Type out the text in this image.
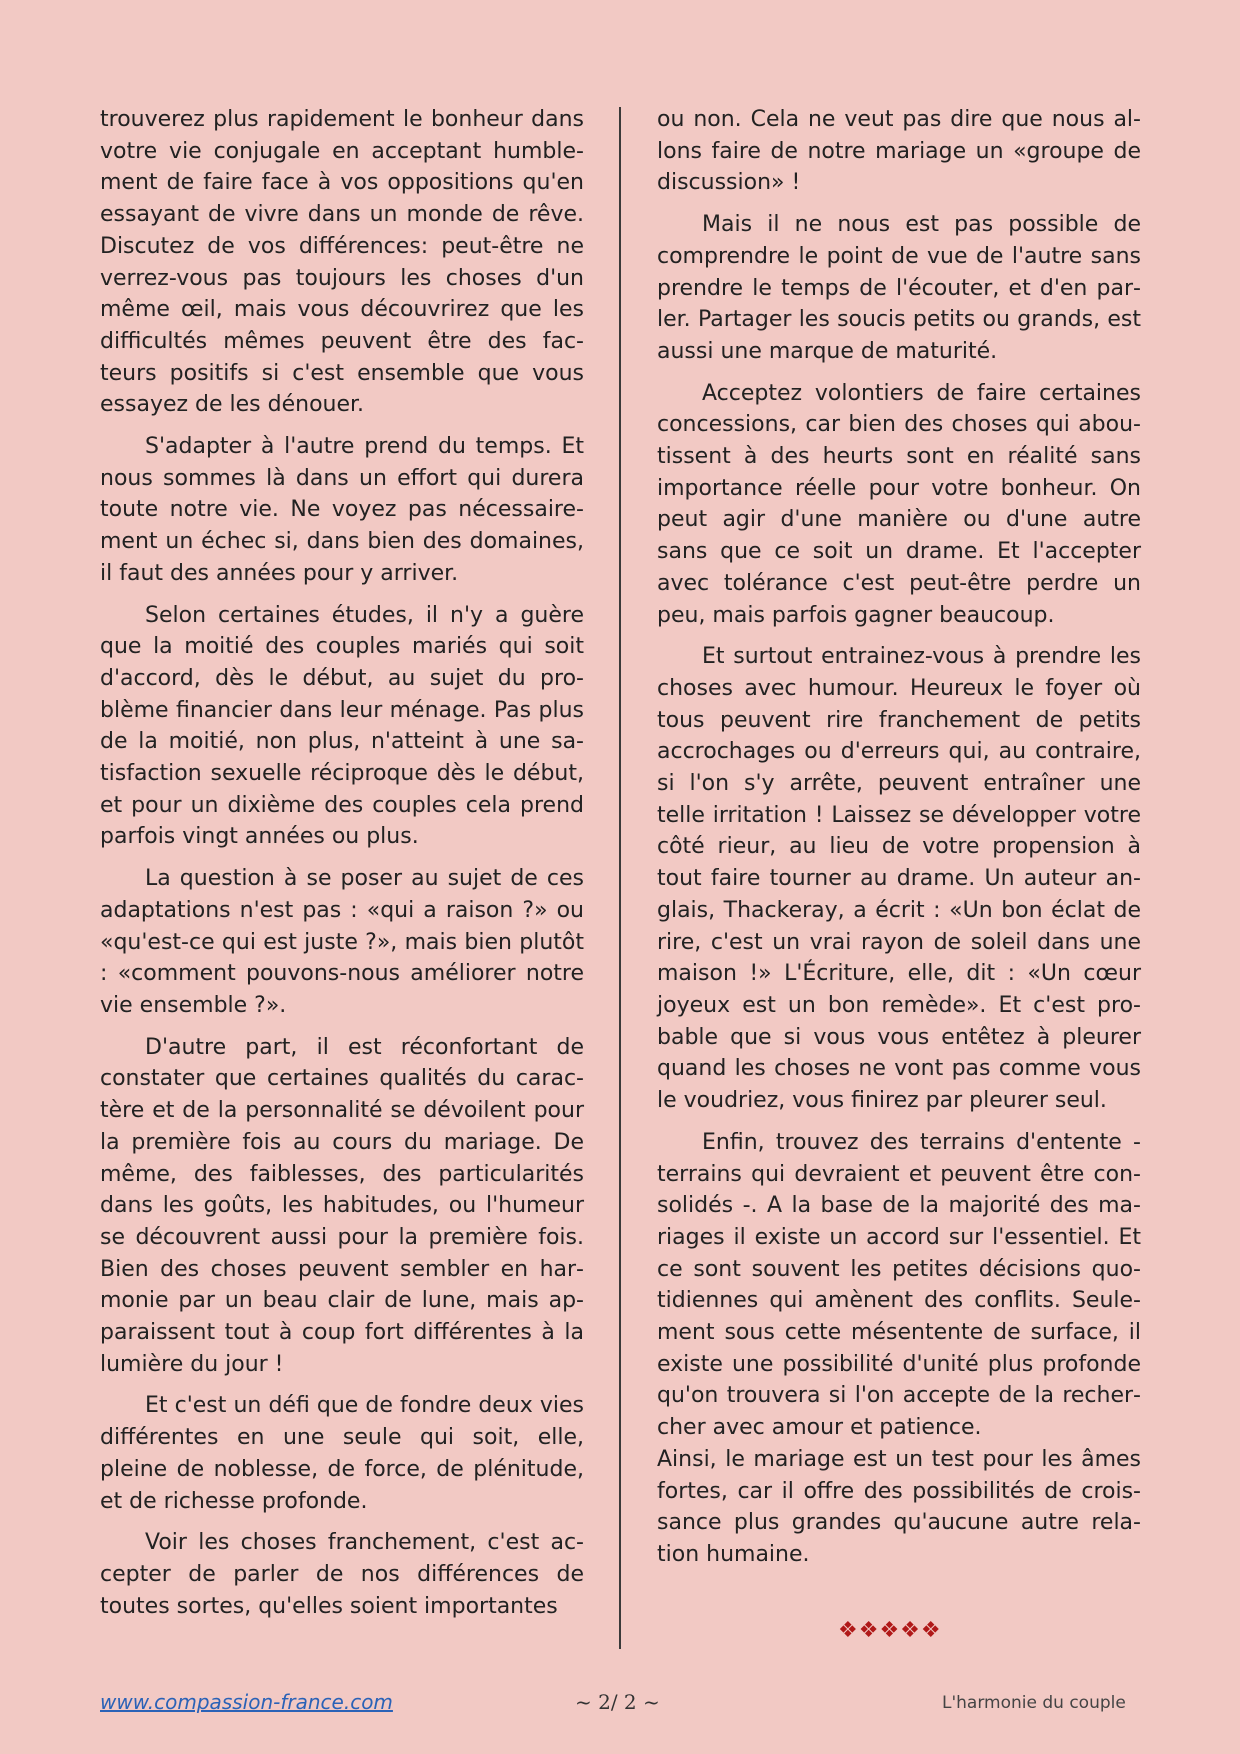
trouverez plus rapidement le bonheur dans votre vie conjugale en acceptant humblement de faire face à vos oppositions qu'en essayant de vivre dans un monde de rêve. Discutez de vos différences: peut-être ne verrez-vous pas toujours les choses d'un même œil, mais vous découvrirez que les difficultés mêmes peuvent être des facteurs positifs si c'est ensemble que vous essayez de les dénouer.

S'adapter à l'autre prend du temps. Et nous sommes là dans un effort qui durera toute notre vie. Ne voyez pas nécessairement un échec si, dans bien des domaines, il faut des années pour y arriver.

Selon certaines études, il n'y a guère que la moitié des couples mariés qui soit d'accord, dès le début, au sujet du problème financier dans leur ménage. Pas plus de la moitié, non plus, n'atteint à une satisfaction sexuelle réciproque dès le début, et pour un dixième des couples cela prend parfois vingt années ou plus.

La question à se poser au sujet de ces adaptations n'est pas : «qui a raison ?» ou «qu'est-ce qui est juste ?», mais bien plutôt : «comment pouvons-nous améliorer notre vie ensemble ?».

D'autre part, il est réconfortant de constater que certaines qualités du caractère et de la personnalité se dévoilent pour la première fois au cours du mariage. De même, des faiblesses, des particularités dans les goûts, les habitudes, ou l'humeur se découvrent aussi pour la première fois. Bien des choses peuvent sembler en harmonie par un beau clair de lune, mais apparaissent tout à coup fort différentes à la lumière du jour !

Et c'est un défi que de fondre deux vies différentes en une seule qui soit, elle, pleine de noblesse, de force, de plénitude, et de richesse profonde.

Voir les choses franchement, c'est accepter de parler de nos différences de toutes sortes, qu'elles soient importantes

ou non. Cela ne veut pas dire que nous allons faire de notre mariage un «groupe de discussion» !

Mais il ne nous est pas possible de comprendre le point de vue de l'autre sans prendre le temps de l'écouter, et d'en parler. Partager les soucis petits ou grands, est aussi une marque de maturité.

Acceptez volontiers de faire certaines concessions, car bien des choses qui aboutissent à des heurts sont en réalité sans importance réelle pour votre bonheur. On peut agir d'une manière ou d'une autre sans que ce soit un drame. Et l'accepter avec tolérance c'est peut-être perdre un peu, mais parfois gagner beaucoup.

Et surtout entrainez-vous à prendre les choses avec humour. Heureux le foyer où tous peuvent rire franchement de petits accrochages ou d'erreurs qui, au contraire, si l'on s'y arrête, peuvent entraîner une telle irritation ! Laissez se développer votre côté rieur, au lieu de votre propension à tout faire tourner au drame. Un auteur anglais, Thackeray, a écrit : «Un bon éclat de rire, c'est un vrai rayon de soleil dans une maison !» L'Écriture, elle, dit : «Un cœur joyeux est un bon remède». Et c'est probable que si vous vous entêtez à pleurer quand les choses ne vont pas comme vous le voudriez, vous finirez par pleurer seul.

Enfin, trouvez des terrains d'entente - terrains qui devraient et peuvent être consolidés -. A la base de la majorité des mariages il existe un accord sur l'essentiel. Et ce sont souvent les petites décisions quotidiennes qui amènent des conflits. Seulement sous cette mésentente de surface, il existe une possibilité d'unité plus profonde qu'on trouvera si l'on accepte de la rechercher avec amour et patience.

Ainsi, le mariage est un test pour les âmes fortes, car il offre des possibilités de croissance plus grandes qu'aucune autre relation humaine.

❖❖❖❖❖
www.compassion-france.com	~ 2/ 2 ~	L'harmonie du couple
